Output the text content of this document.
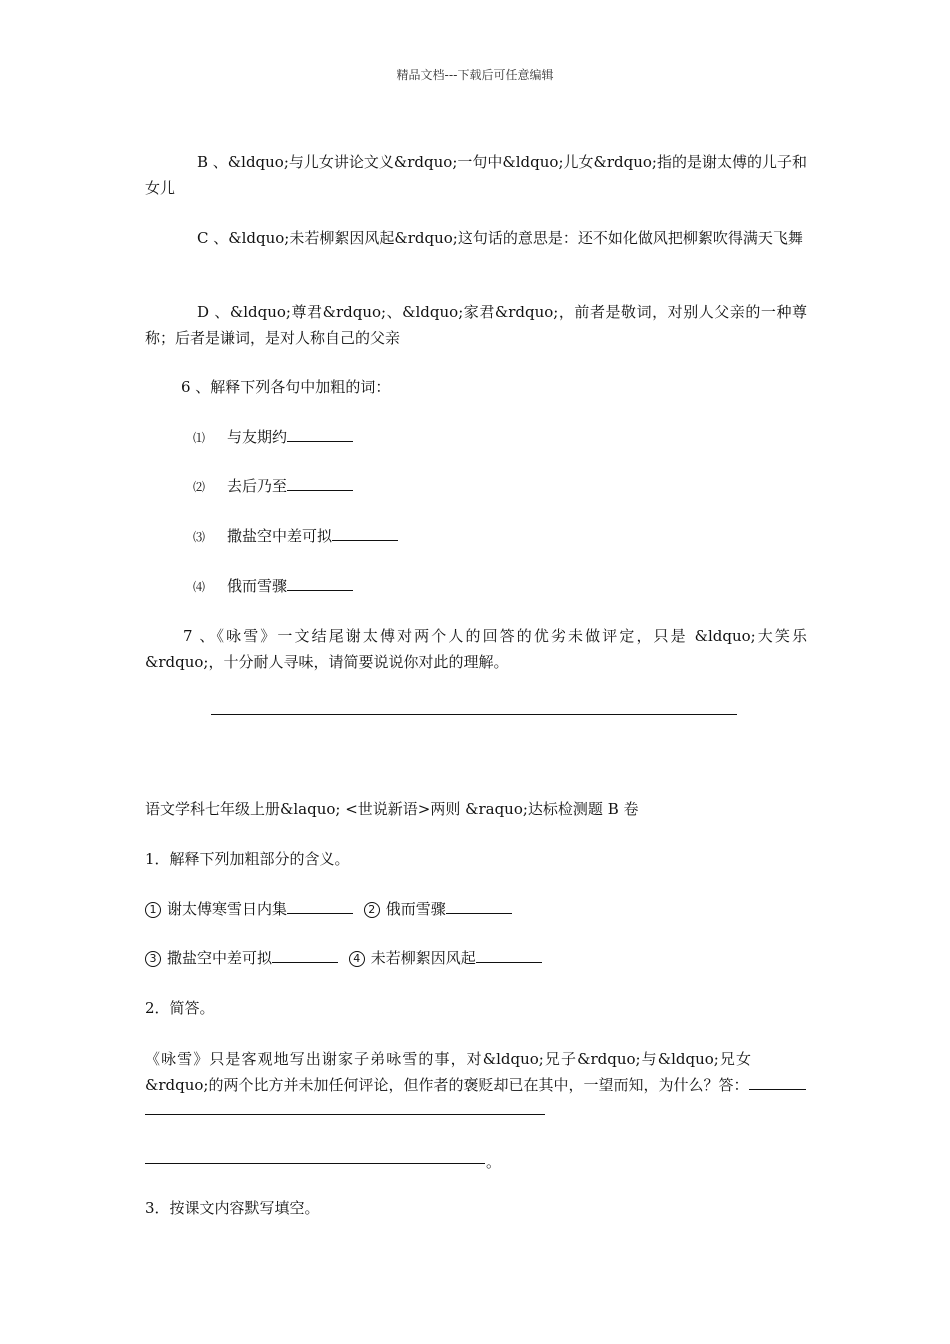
精品文档---下载后可任意编辑

B 、&ldquo;与儿女讲论文义&rdquo;一句中&ldquo;儿女&rdquo;指的是谢太傅的儿子和女儿

C 、&ldquo;未若柳絮因风起&rdquo;这句话的意思是：还不如化做风把柳絮吹得满天飞舞

D 、&ldquo;尊君&rdquo;、&ldquo;家君&rdquo;，前者是敬词，对别人父亲的一种尊称；后者是谦词，是对人称自己的父亲

6 、解释下列各句中加粗的词：
⑴ 与友期约
⑵ 去后乃至
⑶ 撒盐空中差可拟
⑷ 俄而雪骤

7 、《咏雪》一文结尾谢太傅对两个人的回答的优劣未做评定，只是 &ldquo;大笑乐&rdquo;，十分耐人寻味，请简要说说你对此的理解。

语文学科七年级上册&laquo; <世说新语>两则 &raquo;达标检测题 B 卷
1．解释下列加粗部分的含义。
1 谢太傅寒雪日内集	2 俄而雪骤
3 撒盐空中差可拟	4 未若柳絮因风起
2．简答。

《咏雪》只是客观地写出谢家子弟咏雪的事，对&ldquo;兄子&rdquo;与&ldquo;兄女&rdquo;的两个比方并未加任何评论，但作者的褒贬却已在其中，一望而知，为什么？答：

。
3．按课文内容默写填空。
